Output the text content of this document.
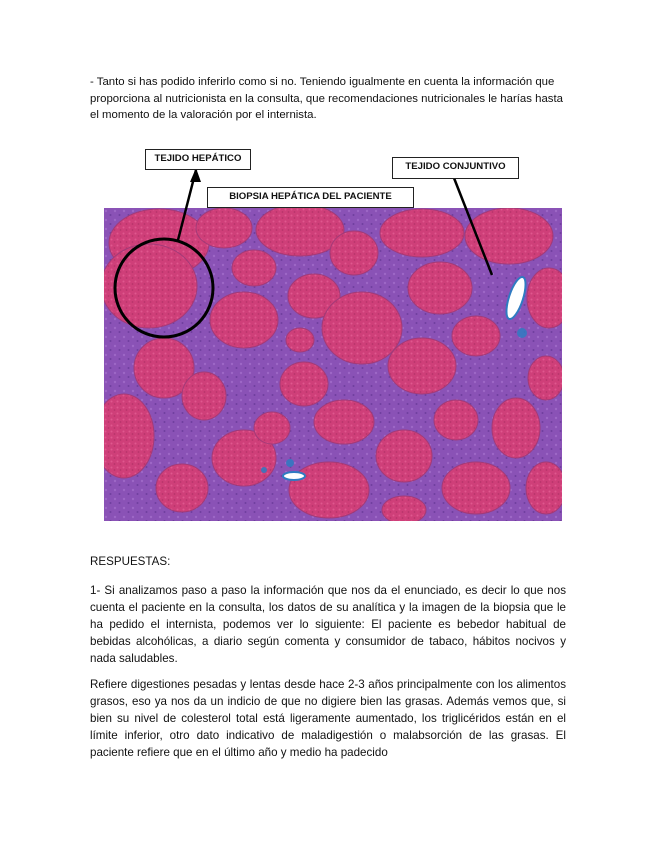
- Tanto si has podido inferirlo como si no. Teniendo igualmente en cuenta la información que proporciona al nutricionista en la consulta, que recomendaciones nutricionales le harías hasta el momento de la valoración por el internista.

TEJIDO HEPÁTICO
TEJIDO CONJUNTIVO
BIOPSIA HEPÁTICA DEL PACIENTE

RESPUESTAS:

1- Si analizamos paso a paso la información que nos da el enunciado, es decir lo que nos cuenta el paciente en la consulta, los datos de su analítica y la imagen de la biopsia que le ha pedido el internista, podemos ver lo siguiente: El paciente es bebedor habitual de bebidas alcohólicas, a diario según comenta y consumidor de tabaco, hábitos nocivos y nada saludables.

Refiere digestiones pesadas y lentas desde hace 2-3 años principalmente con los alimentos grasos, eso ya nos da un indicio de que no digiere bien las grasas. Además vemos que, si bien su nivel de colesterol total está ligeramente aumentado, los triglicéridos están en el límite inferior, otro dato indicativo de maladigestión o malabsorción de las grasas. El paciente refiere que en el último año y medio ha padecido
